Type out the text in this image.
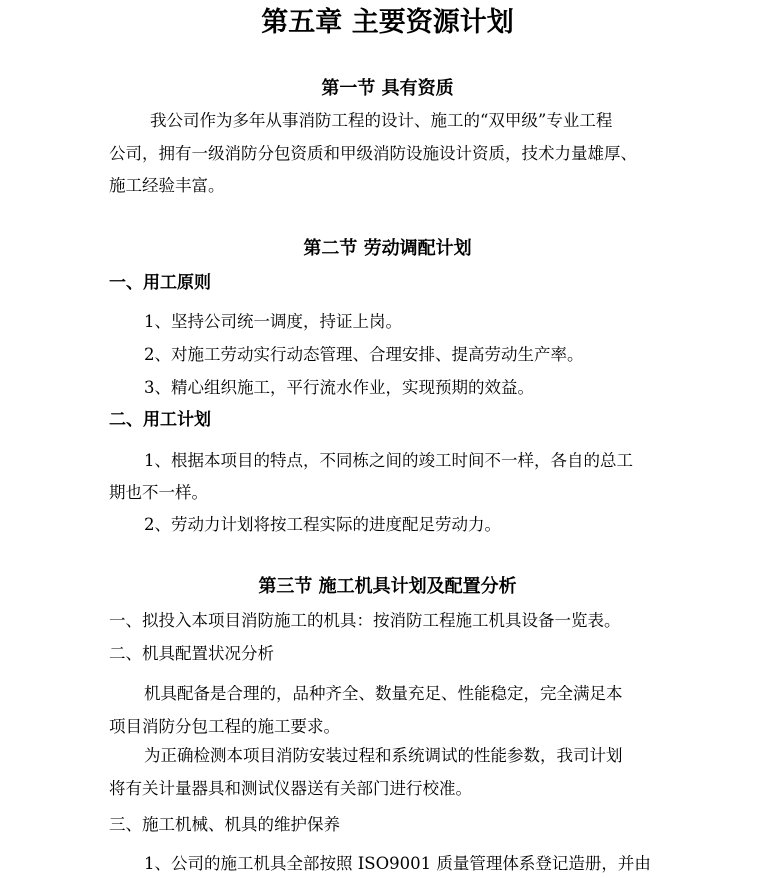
第五章 主要资源计划
第一节 具有资质
我公司作为多年从事消防工程的设计、施工的“双甲级”专业工程
公司，拥有一级消防分包资质和甲级消防设施设计资质，技术力量雄厚、
施工经验丰富。
第二节 劳动调配计划
一、用工原则
1、坚持公司统一调度，持证上岗。
2、对施工劳动实行动态管理、合理安排、提高劳动生产率。
3、精心组织施工，平行流水作业，实现预期的效益。
二、用工计划
1、根据本项目的特点，不同栋之间的竣工时间不一样，各自的总工
期也不一样。
2、劳动力计划将按工程实际的进度配足劳动力。
第三节 施工机具计划及配置分析
一、拟投入本项目消防施工的机具：按消防工程施工机具设备一览表。
二、机具配置状况分析
机具配备是合理的，品种齐全、数量充足、性能稳定，完全满足本
项目消防分包工程的施工要求。
为正确检测本项目消防安装过程和系统调试的性能参数，我司计划
将有关计量器具和测试仪器送有关部门进行校准。
三、施工机械、机具的维护保养
1、公司的施工机具全部按照 ISO9001 质量管理体系登记造册，并由
